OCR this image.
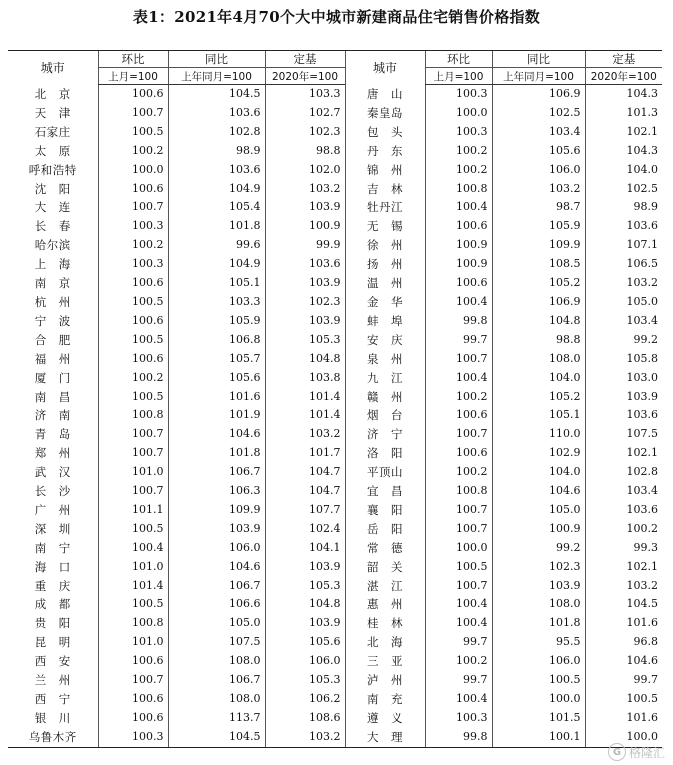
表1：2021年4月70个大中城市新建商品住宅销售价格指数
城市	环比	同比	定基	城市	环比	同比	定基
	上月=100	上年同月=100	2020年=100		上月=100	上年同月=100	2020年=100
北　京	100.6	104.5	103.3	唐　山	100.3	106.9	104.3
天　津	100.7	103.6	102.7	秦皇岛	100.0	102.5	101.3
石家庄	100.5	102.8	102.3	包　头	100.3	103.4	102.1
太　原	100.2	98.9	98.8	丹　东	100.2	105.6	104.3
呼和浩特	100.0	103.6	102.0	锦　州	100.2	106.0	104.0
沈　阳	100.6	104.9	103.2	吉　林	100.8	103.2	102.5
大　连	100.7	105.4	103.9	牡丹江	100.4	98.7	98.9
长　春	100.3	101.8	100.9	无　锡	100.6	105.9	103.6
哈尔滨	100.2	99.6	99.9	徐　州	100.9	109.9	107.1
上　海	100.3	104.9	103.6	扬　州	100.9	108.5	106.5
南　京	100.6	105.1	103.9	温　州	100.6	105.2	103.2
杭　州	100.5	103.3	102.3	金　华	100.4	106.9	105.0
宁　波	100.6	105.9	103.9	蚌　埠	99.8	104.8	103.4
合　肥	100.5	106.8	105.3	安　庆	99.7	98.8	99.2
福　州	100.6	105.7	104.8	泉　州	100.7	108.0	105.8
厦　门	100.2	105.6	103.8	九　江	100.4	104.0	103.0
南　昌	100.5	101.6	101.4	赣　州	100.2	105.2	103.9
济　南	100.8	101.9	101.4	烟　台	100.6	105.1	103.6
青　岛	100.7	104.6	103.2	济　宁	100.7	110.0	107.5
郑　州	100.7	101.8	101.7	洛　阳	100.6	102.9	102.1
武　汉	101.0	106.7	104.7	平顶山	100.2	104.0	102.8
长　沙	100.7	106.3	104.7	宜　昌	100.8	104.6	103.4
广　州	101.1	109.9	107.7	襄　阳	100.7	105.0	103.6
深　圳	100.5	103.9	102.4	岳　阳	100.7	100.9	100.2
南　宁	100.4	106.0	104.1	常　德	100.0	99.2	99.3
海　口	101.0	104.6	103.9	韶　关	100.5	102.3	102.1
重　庆	101.4	106.7	105.3	湛　江	100.7	103.9	103.2
成　都	100.5	106.6	104.8	惠　州	100.4	108.0	104.5
贵　阳	100.8	105.0	103.9	桂　林	100.4	101.8	101.6
昆　明	101.0	107.5	105.6	北　海	99.7	95.5	96.8
西　安	100.6	108.0	106.0	三　亚	100.2	106.0	104.6
兰　州	100.7	106.7	105.3	泸　州	99.7	100.5	99.7
西　宁	100.6	108.0	106.2	南　充	100.4	100.0	100.5
银　川	100.6	113.7	108.6	遵　义	100.3	101.5	101.6
乌鲁木齐	100.3	104.5	103.2	大　理	99.8	100.1	100.0
G 格隆汇
